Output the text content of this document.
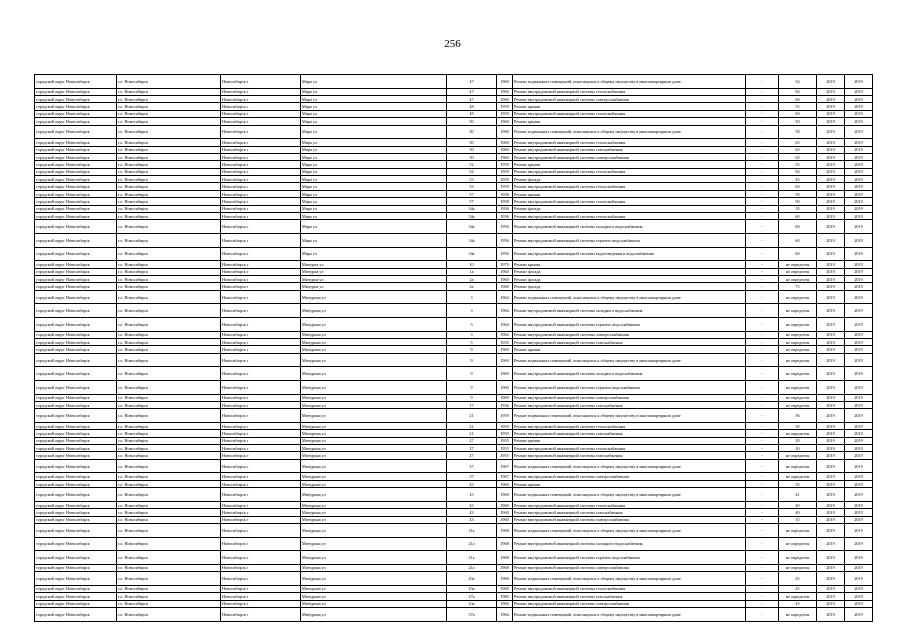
256
городской округ Новосибирск	г.о. Новосибирск	Новосибирск г	Мира ул	47	1960	Ремонт подвальных помещений, относящихся к общему имуществу в многоквартирном доме	-	54	2019	2019
городской округ Новосибирск	г.о. Новосибирск	Новосибирск г	Мира ул	47	1960	Ремонт внутридомовой инженерной системы теплоснабжения	-	60	2019	2019
городской округ Новосибирск	г.о. Новосибирск	Новосибирск г	Мира ул	47	1960	Ремонт внутридомовой инженерной системы электроснабжения	-	60	2019	2019
городской округ Новосибирск	г.о. Новосибирск	Новосибирск г	Мира ул	48	1959	Ремонт крыши	-	55	2019	2019
городской округ Новосибирск	г.о. Новосибирск	Новосибирск г	Мира ул	48	1959	Ремонт внутридомовой инженерной системы теплоснабжения	-	60	2019	2019
городской округ Новосибирск	г.о. Новосибирск	Новосибирск г	Мира ул	50	1960	Ремонт крыши	-	50	2019	2019
городской округ Новосибирск	г.о. Новосибирск	Новосибирск г	Мира ул	50	1960	Ремонт подвальных помещений, относящихся к общему имуществу в многоквартирном доме	-	50	2019	2019
городской округ Новосибирск	г.о. Новосибирск	Новосибирск г	Мира ул	50	1960	Ремонт внутридомовой инженерной системы теплоснабжения	-	65	2019	2019
городской округ Новосибирск	г.о. Новосибирск	Новосибирск г	Мира ул	50	1960	Ремонт внутридомовой инженерной системы газоснабжения	-	65	2019	2019
городской округ Новосибирск	г.о. Новосибирск	Новосибирск г	Мира ул	50	1960	Ремонт внутридомовой инженерной системы электроснабжения	-	65	2019	2019
городской округ Новосибирск	г.о. Новосибирск	Новосибирск г	Мира ул	52	1959	Ремонт крыши	-	55	2019	2019
городской округ Новосибирск	г.о. Новосибирск	Новосибирск г	Мира ул	52	1959	Ремонт внутридомовой инженерной системы теплоснабжения	-	60	2019	2019
городской округ Новосибирск	г.о. Новосибирск	Новосибирск г	Мира ул	53	1959	Ремонт фасада	-	45	2019	2019
городской округ Новосибирск	г.о. Новосибирск	Новосибирск г	Мира ул	53	1959	Ремонт внутридомовой инженерной системы теплоснабжения	-	60	2019	2019
городской округ Новосибирск	г.о. Новосибирск	Новосибирск г	Мира ул	57	1958	Ремонт крыши	-	50	2019	2019
городской округ Новосибирск	г.о. Новосибирск	Новосибирск г	Мира ул	57	1958	Ремонт внутридомовой инженерной системы теплоснабжения	-	50	2019	2019
городской округ Новосибирск	г.о. Новосибирск	Новосибирск г	Мира ул	34а	1956	Ремонт фасада	-	35	2019	2019
городской округ Новосибирск	г.о. Новосибирск	Новосибирск г	Мира ул	34а	1956	Ремонт внутридомовой инженерной системы теплоснабжения	-	60	2019	2019
городской округ Новосибирск	г.о. Новосибирск	Новосибирск г	Мира ул	34а	1956	Ремонт внутридомовой инженерной системы холодного водоснабжения	-	60	2019	2019
городской округ Новосибирск	г.о. Новосибирск	Новосибирск г	Мира ул	34а	1956	Ремонт внутридомовой инженерной системы горячего водоснабжения	-	60	2019	2019
городской округ Новосибирск	г.о. Новосибирск	Новосибирск г	Мира ул	34а	1956	Ремонт внутридомовой инженерной системы водоотведения и водоснабжения	-	60	2019	2019
городской округ Новосибирск	г.о. Новосибирск	Новосибирск г	Мичуриа ул	10	1979	Ремонт крыши	-	не определен	2019	2019
городской округ Новосибирск	г.о. Новосибирск	Новосибирск г	Мичуриа ул	1а	1960	Ремонт фасада	-	не определен	2019	2019
городской округ Новосибирск	г.о. Новосибирск	Новосибирск г	Мичуриа ул	2а	1960	Ремонт фасада	-	не определен	2019	2019
городской округ Новосибирск	г.о. Новосибирск	Новосибирск г	Мичуриа ул	2а	1960	Ремонт фасада	-	75	2019	2019
городской округ Новосибирск	г.о. Новосибирск	Новосибирск г	Мичурина ул	3	1964	Ремонт подвальных помещений, относящихся к общему имуществу в многоквартирном доме	-	не определен	2019	2019
городской округ Новосибирск	г.о. Новосибирск	Новосибирск г	Мичурина ул	3	1964	Ремонт внутридомовой инженерной системы холодного водоснабжения	-	не определен	2019	2019
городской округ Новосибирск	г.о. Новосибирск	Новосибирск г	Мичурина ул	3	1964	Ремонт внутридомовой инженерной системы горячего водоснабжения	-	не определен	2019	2019
городской округ Новосибирск	г.о. Новосибирск	Новосибирск г	Мичурина ул	3	1964	Ремонт внутридомовой инженерной системы электроснабжения	-	не определен	2019	2019
городской округ Новосибирск	г.о. Новосибирск	Новосибирск г	Мичурина ул	5	1935	Ремонт внутридомовой инженерной системы газоснабжения	-	не определен	2019	2019
городской округ Новосибирск	г.о. Новосибирск	Новосибирск г	Мичурина ул	9	1969	Ремонт крыши	-	не определен	2019	2019
городской округ Новосибирск	г.о. Новосибирск	Новосибирск г	Мичурина ул	9	1969	Ремонт подвальных помещений, относящихся к общему имуществу в многоквартирном доме	-	не определен	2019	2019
городской округ Новосибирск	г.о. Новосибирск	Новосибирск г	Мичурина ул	9	1969	Ремонт внутридомовой инженерной системы холодного водоснабжения	-	не определен	2019	2019
городской округ Новосибирск	г.о. Новосибирск	Новосибирск г	Мичурина ул	9	1969	Ремонт внутридомовой инженерной системы горячего водоснабжения	-	не определен	2019	2019
городской округ Новосибирск	г.о. Новосибирск	Новосибирск г	Мичурина ул	9	1969	Ремонт внутридомовой инженерной системы электроснабжения	-	не определен	2019	2019
городской округ Новосибирск	г.о. Новосибирск	Новосибирск г	Мичурина ул	17	1936	Ремонт внутридомовой инженерной системы газоснабжения	-	не определен	2019	2019
городской округ Новосибирск	г.о. Новосибирск	Новосибирск г	Мичурина ул	21	1959	Ремонт подвальных помещений, относящихся к общему имуществу в многоквартирном доме	-	36	2019	2019
городской округ Новосибирск	г.о. Новосибирск	Новосибирск г	Мичурина ул	21	1959	Ремонт внутридомовой инженерной системы теплоснабжения	-	30	2019	2019
городской округ Новосибирск	г.о. Новосибирск	Новосибирск г	Мичурина ул	21	1959	Ремонт внутридомовой инженерной системы газоснабжения	-	не определен	2019	2019
городской округ Новосибирск	г.о. Новосибирск	Новосибирск г	Мичурина ул	27	1955	Ремонт крыши	-	29	2019	2019
городской округ Новосибирск	г.о. Новосибирск	Новосибирск г	Мичурина ул	27	1955	Ремонт внутридомовой инженерной системы теплоснабжения	-	30	2019	2019
городской округ Новосибирск	г.о. Новосибирск	Новосибирск г	Мичурина ул	27	1955	Ремонт внутридомовой инженерной системы газоснабжения	-	не определен	2019	2019
городской округ Новосибирск	г.о. Новосибирск	Новосибирск г	Мичурина ул	37	1967	Ремонт подвальных помещений, относящихся к общему имуществу в многоквартирном доме	-	не определен	2019	2019
городской округ Новосибирск	г.о. Новосибирск	Новосибирск г	Мичурина ул	37	1967	Ремонт внутридомовой инженерной системы электроснабжения	-	не определен	2019	2019
городской округ Новосибирск	г.о. Новосибирск	Новосибирск г	Мичурина ул	43	1960	Ремонт крыши	-	35	2019	2019
городской округ Новосибирск	г.о. Новосибирск	Новосибирск г	Мичурина ул	43	1960	Ремонт подвальных помещений, относящихся к общему имуществу в многоквартирном доме	-	41	2019	2019
городской округ Новосибирск	г.о. Новосибирск	Новосибирск г	Мичурина ул	43	1960	Ремонт внутридомовой инженерной системы теплоснабжения	-	40	2019	2019
городской округ Новосибирск	г.о. Новосибирск	Новосибирск г	Мичурина ул	43	1960	Ремонт внутридомовой инженерной системы газоснабжения	-	40	2019	2019
городской округ Новосибирск	г.о. Новосибирск	Новосибирск г	Мичурина ул	43	1960	Ремонт внутридомовой инженерной системы электроснабжения	-	35	2019	2019
городской округ Новосибирск	г.о. Новосибирск	Новосибирск г	Мичурина ул	21а	1968	Ремонт подвальных помещений, относящихся к общему имуществу в многоквартирном доме	-	не определен	2019	2019
городской округ Новосибирск	г.о. Новосибирск	Новосибирск г	Мичурина ул	21а	1968	Ремонт внутридомовой инженерной системы холодного водоснабжения	-	не определен	2019	2019
городской округ Новосибирск	г.о. Новосибирск	Новосибирск г	Мичурина ул	21а	1968	Ремонт внутридомовой инженерной системы горячего водоснабжения	-	не определен	2019	2019
городской округ Новосибирск	г.о. Новосибирск	Новосибирск г	Мичурина ул	21а	1968	Ремонт внутридомовой инженерной системы электроснабжения	-	не определен	2019	2019
городской округ Новосибирск	г.о. Новосибирск	Новосибирск г	Мичурина ул	23а	1960	Ремонт подвальных помещений, относящихся к общему имуществу в многоквартирном доме	-	45	2019	2019
городской округ Новосибирск	г.о. Новосибирск	Новосибирск г	Мичурина ул	23а	1960	Ремонт внутридомовой инженерной системы теплоснабжения	-	45	2019	2019
городской округ Новосибирск	г.о. Новосибирск	Новосибирск г	Мичурина ул	27а	1980	Ремонт внутридомовой инженерной системы газоснабжения	-	не определен	2019	2019
городской округ Новосибирск	г.о. Новосибирск	Новосибирск г	Мичурина ул	23а	1960	Ремонт внутридомовой инженерной системы электроснабжения	-	45	2019	2019
городской округ Новосибирск	г.о. Новосибирск	Новосибирск г	Мичурина ул	37а	1964	Ремонт подвальных помещений, относящихся к общему имуществу в многоквартирном доме	-	не определен	2019	2019
